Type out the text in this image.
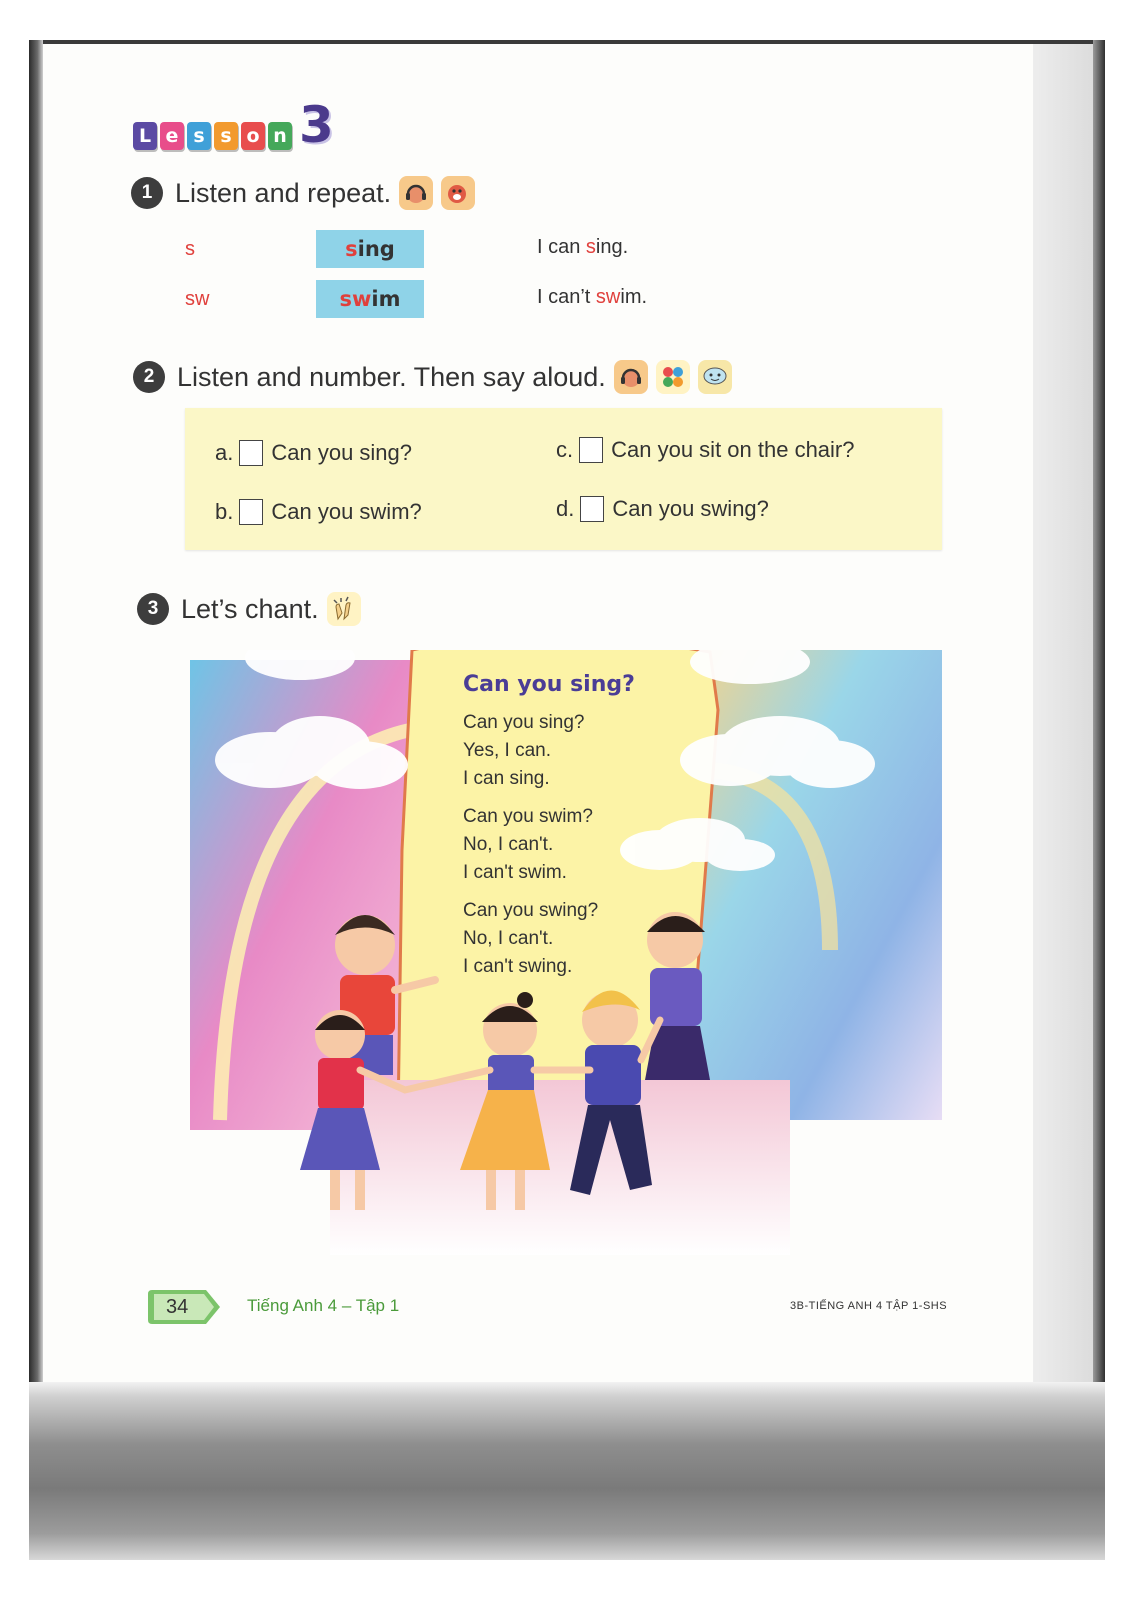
L e s s o n 3
1 Listen and repeat.
s	s ing	I can sing.
sw	sw im	I can’t swim.
2 Listen and number. Then say aloud.
a. Can you sing?
b. Can you swim?
c. Can you sit on the chair?
d. Can you swing?
3 Let’s chant.
Can you sing?
Can you sing?
Yes, I can.
I can sing.
Can you swim?
No, I can't.
I can't swim.
Can you swing?
No, I can't.
I can't swing.
34	Tiếng Anh 4 – Tập 1	3B-TIẾNG ANH 4 TẬP 1-SHS
